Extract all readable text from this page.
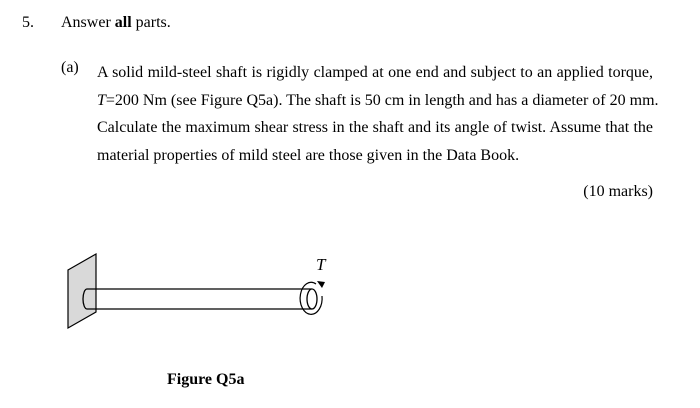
5. Answer all parts.
(a) A solid mild-steel shaft is rigidly clamped at one end and subject to an applied torque,
T=200 Nm (see Figure Q5a). The shaft is 50 cm in length and has a diameter of 20 mm.
Calculate the maximum shear stress in the shaft and its angle of twist. Assume that the
material properties of mild steel are those given in the Data Book.
(10 marks)
T
Figure Q5a
